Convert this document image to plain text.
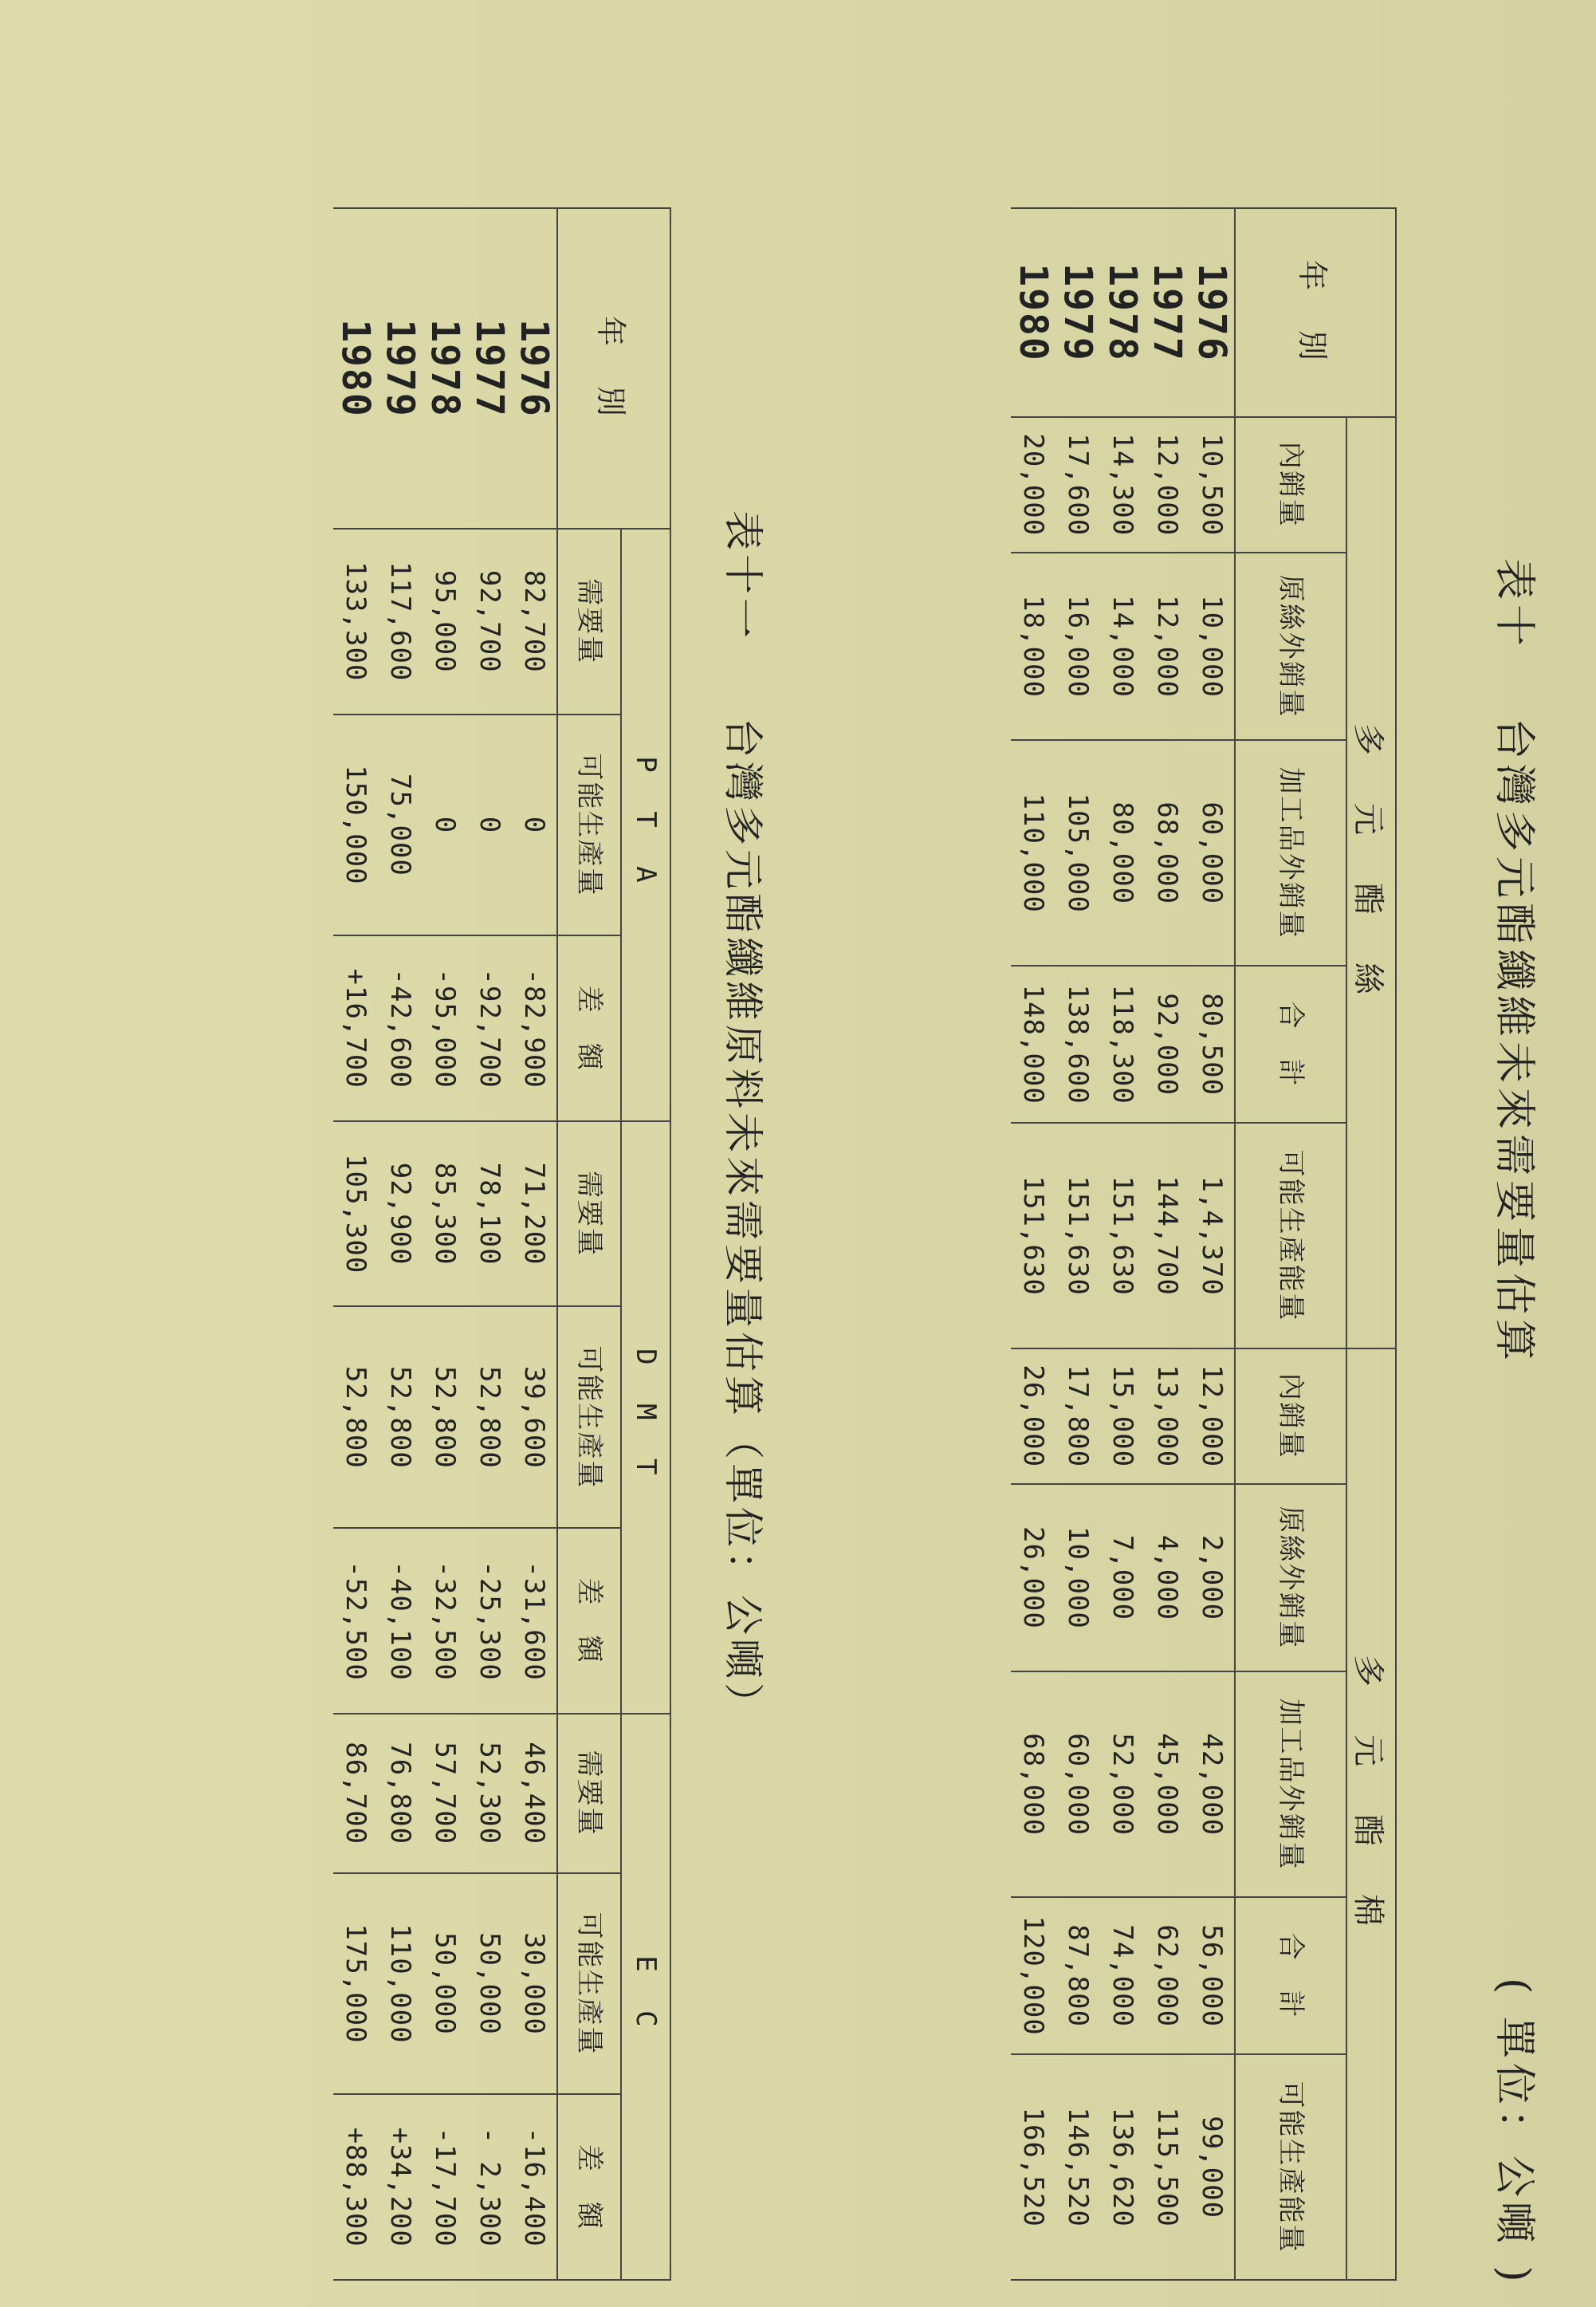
表十
台灣多元酯纖維未來需要量估算
( 單位：公噸 )
年　別	多元酯絲					多元酯棉				
	內銷量	原絲外銷量	加工品外銷量	合　計	可能生產能量	內銷量	原絲外銷量	加工品外銷量	合　計	可能生產能量
1976	10,500	10,000	60,000	80,500	1,4,370	12,000	2,000	42,000	56,000	99,000
1977	12,000	12,000	68,000	92,000	144,700	13,000	4,000	45,000	62,000	115,500
1978	14,300	14,000	80,000	118,300	151,630	15,000	7,000	52,000	74,000	136,620
1979	17,600	16,000	105,000	138,600	151,630	17,800	10,000	60,000	87,800	146,520
1980	20,000	18,000	110,000	148,000	151,630	26,000	26,000	68,000	120,000	166,520
表十一
台灣多元酯纖維原料未來需要量估算（單位：公噸）
年　別	P T A			D M T			E C		
	需要量	可能生產量	差　額	需要量	可能生產量	差　額	需要量	可能生產量	差　額
1976	82,700	0	-82,900	71,200	39,600	-31,600	46,400	30,000	-16,400
1977	92,700	0	-92,700	78,100	52,800	-25,300	52,300	50,000	- 2,300
1978	95,000	0	-95,000	85,300	52,800	-32,500	57,700	50,000	-17,700
1979	117,600	75,000	-42,600	92,900	52,800	-40,100	76,800	110,000	+34,200
1980	133,300	150,000	+16,700	105,300	52,800	-52,500	86,700	175,000	+88,300
